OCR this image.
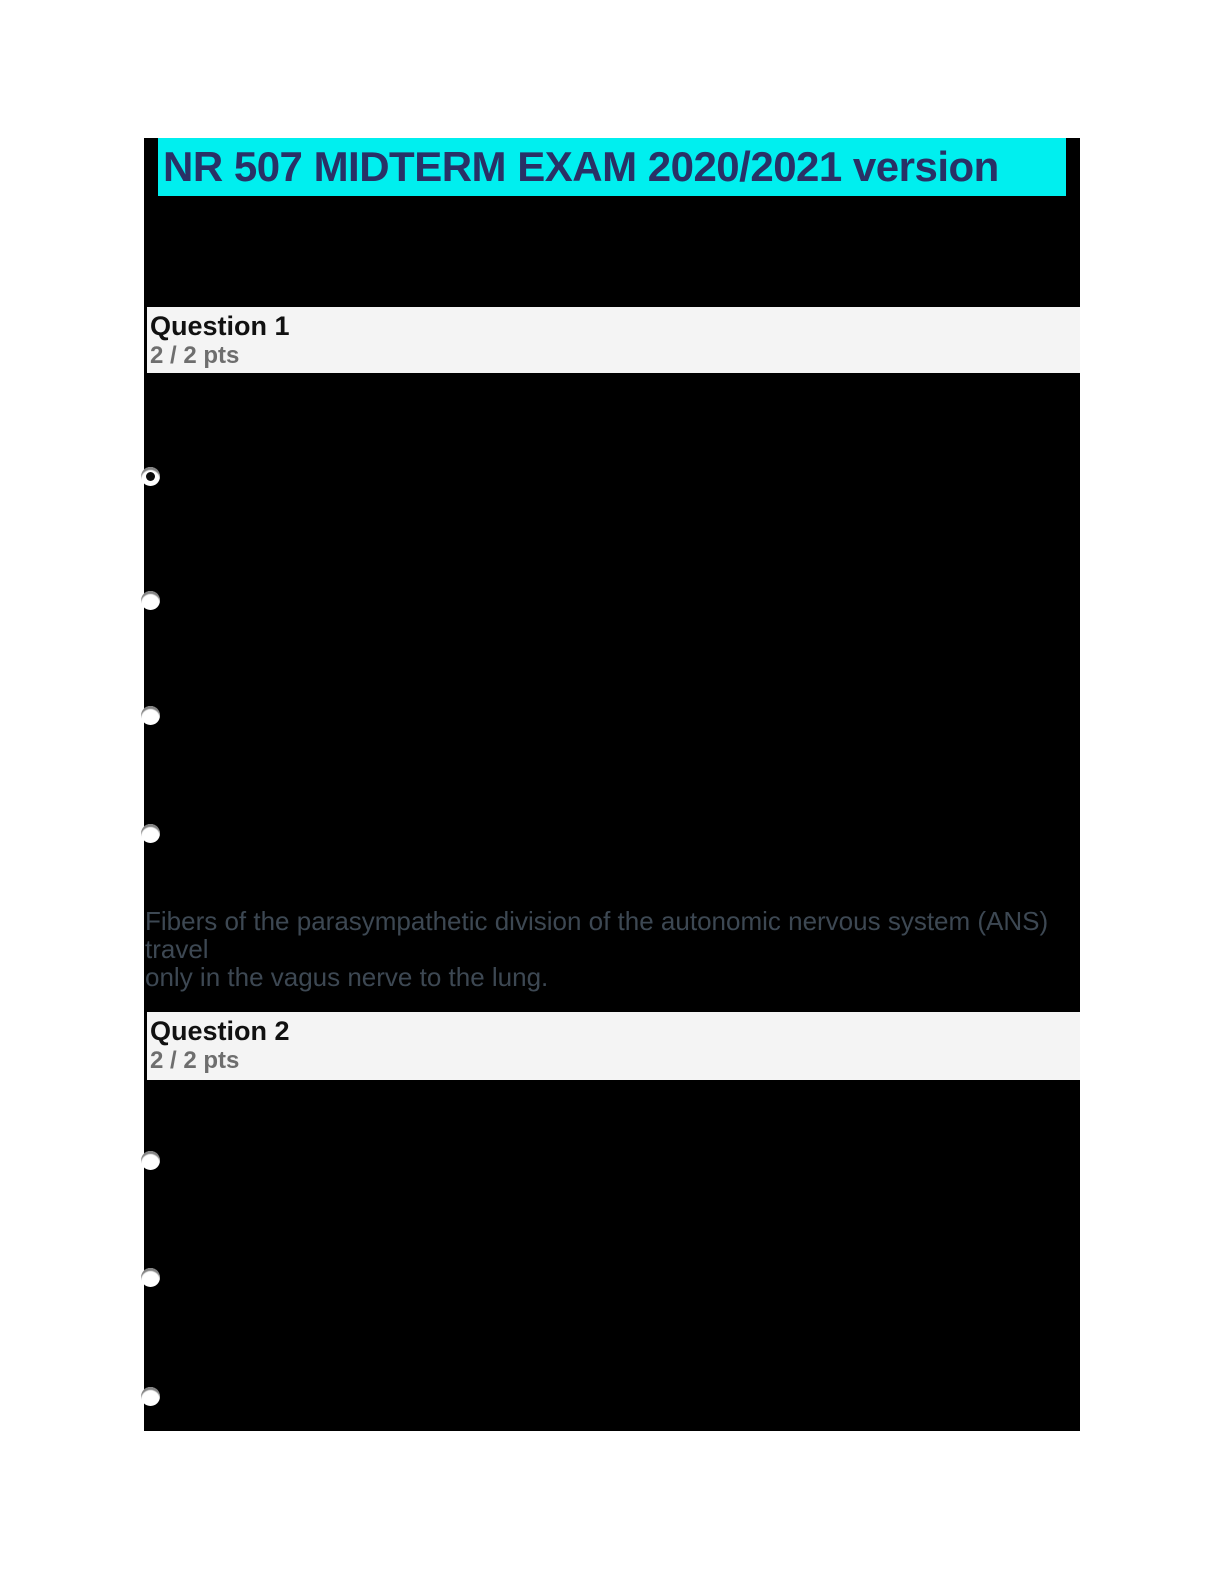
NR 507 MIDTERM EXAM 2020/2021 version
Question 1
2 / 2 pts
Fibers of the parasympathetic division of the autonomic nervous system (ANS) travel
only in the vagus nerve to the lung.
Question 2
2 / 2 pts
